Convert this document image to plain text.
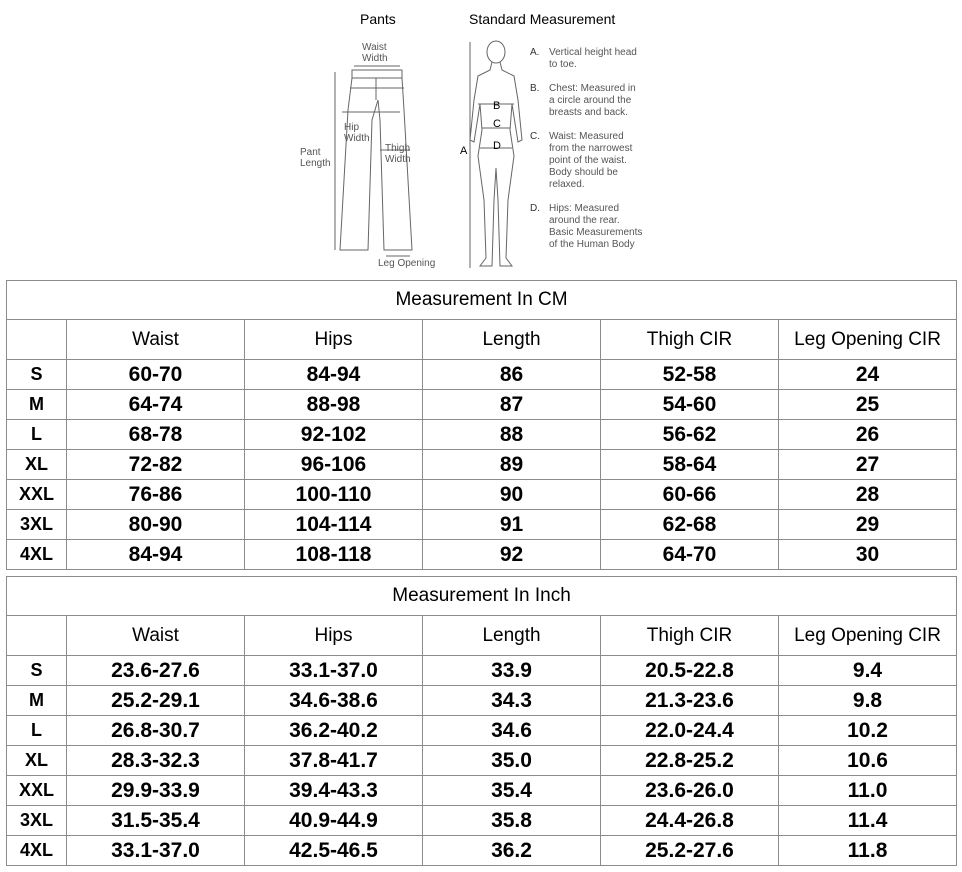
Pants	Standard Measurement
Waist
Width
Hip
Width
Thigh
Width
Pant
Length
Leg Opening
A
B
C
D
A. Vertical height head
to toe.
B. Chest: Measured in
a circle around the
breasts and back.
C. Waist: Measured
from the narrowest
point of the waist.
Body should be
relaxed.
D. Hips: Measured
around the rear.
Basic Measurements
of the Human Body
Measurement In CM					
	Waist	Hips	Length	Thigh CIR	Leg Opening CIR
S	60-70	84-94	86	52-58	24
M	64-74	88-98	87	54-60	25
L	68-78	92-102	88	56-62	26
XL	72-82	96-106	89	58-64	27
XXL	76-86	100-110	90	60-66	28
3XL	80-90	104-114	91	62-68	29
4XL	84-94	108-118	92	64-70	30
Measurement In Inch					
	Waist	Hips	Length	Thigh CIR	Leg Opening CIR
S	23.6-27.6	33.1-37.0	33.9	20.5-22.8	9.4
M	25.2-29.1	34.6-38.6	34.3	21.3-23.6	9.8
L	26.8-30.7	36.2-40.2	34.6	22.0-24.4	10.2
XL	28.3-32.3	37.8-41.7	35.0	22.8-25.2	10.6
XXL	29.9-33.9	39.4-43.3	35.4	23.6-26.0	11.0
3XL	31.5-35.4	40.9-44.9	35.8	24.4-26.8	11.4
4XL	33.1-37.0	42.5-46.5	36.2	25.2-27.6	11.8
